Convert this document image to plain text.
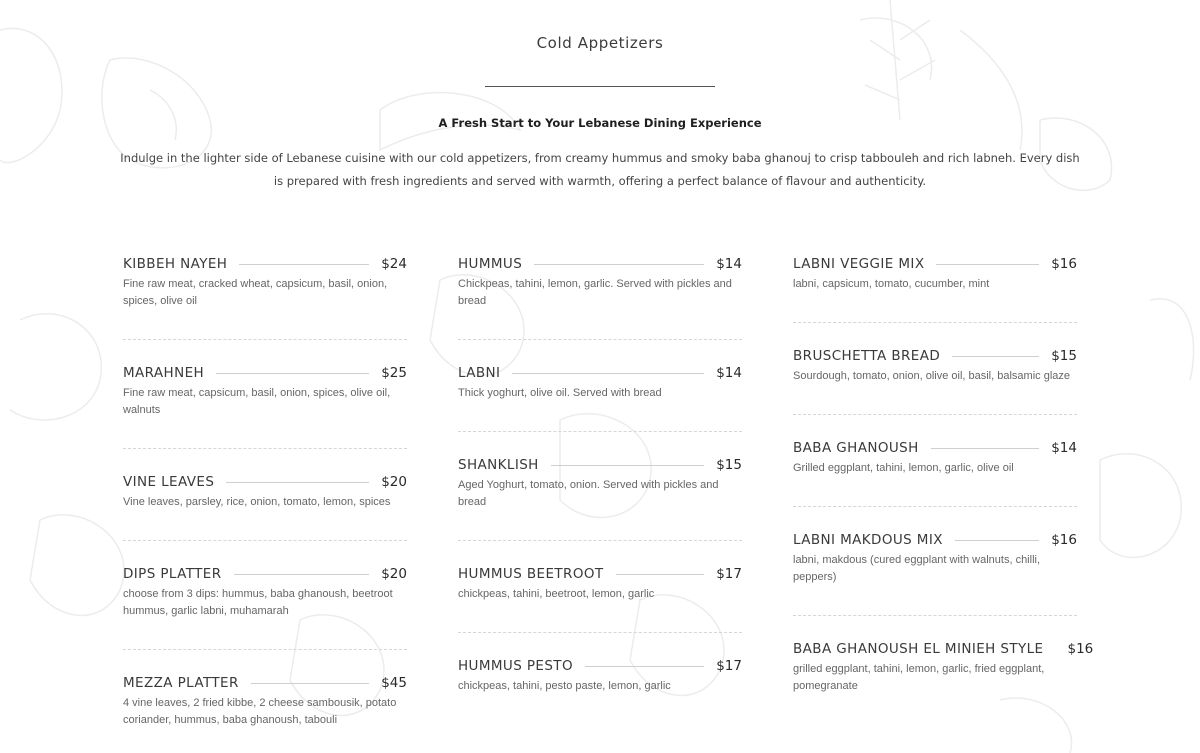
Cold Appetizers
A Fresh Start to Your Lebanese Dining Experience
Indulge in the lighter side of Lebanese cuisine with our cold appetizers, from creamy hummus and smoky baba ghanouj to crisp tabbouleh and rich labneh. Every dish is prepared with fresh ingredients and served with warmth, offering a perfect balance of flavour and authenticity.
KIBBEH NAYEH	$24
Fine raw meat, cracked wheat, capsicum, basil, onion, spices, olive oil
MARAHNEH	$25
Fine raw meat, capsicum, basil, onion, spices, olive oil, walnuts
VINE LEAVES	$20
Vine leaves, parsley, rice, onion, tomato, lemon, spices
DIPS PLATTER	$20
choose from 3 dips: hummus, baba ghanoush, beetroot hummus, garlic labni, muhamarah
MEZZA PLATTER	$45
4 vine leaves, 2 fried kibbe, 2 cheese sambousik, potato coriander, hummus, baba ghanoush, tabouli
HUMMUS	$14
Chickpeas, tahini, lemon, garlic. Served with pickles and bread
LABNI	$14
Thick yoghurt, olive oil. Served with bread
SHANKLISH	$15
Aged Yoghurt, tomato, onion. Served with pickles and bread
HUMMUS BEETROOT	$17
chickpeas, tahini, beetroot, lemon, garlic
HUMMUS PESTO	$17
chickpeas, tahini, pesto paste, lemon, garlic
LABNI VEGGIE MIX	$16
labni, capsicum, tomato, cucumber, mint
BRUSCHETTA BREAD	$15
Sourdough, tomato, onion, olive oil, basil, balsamic glaze
BABA GHANOUSH	$14
Grilled eggplant, tahini, lemon, garlic, olive oil
LABNI MAKDOUS MIX	$16
labni, makdous (cured eggplant with walnuts, chilli, peppers)
BABA GHANOUSH EL MINIEH STYLE $16
grilled eggplant, tahini, lemon, garlic, fried eggplant, pomegranate
